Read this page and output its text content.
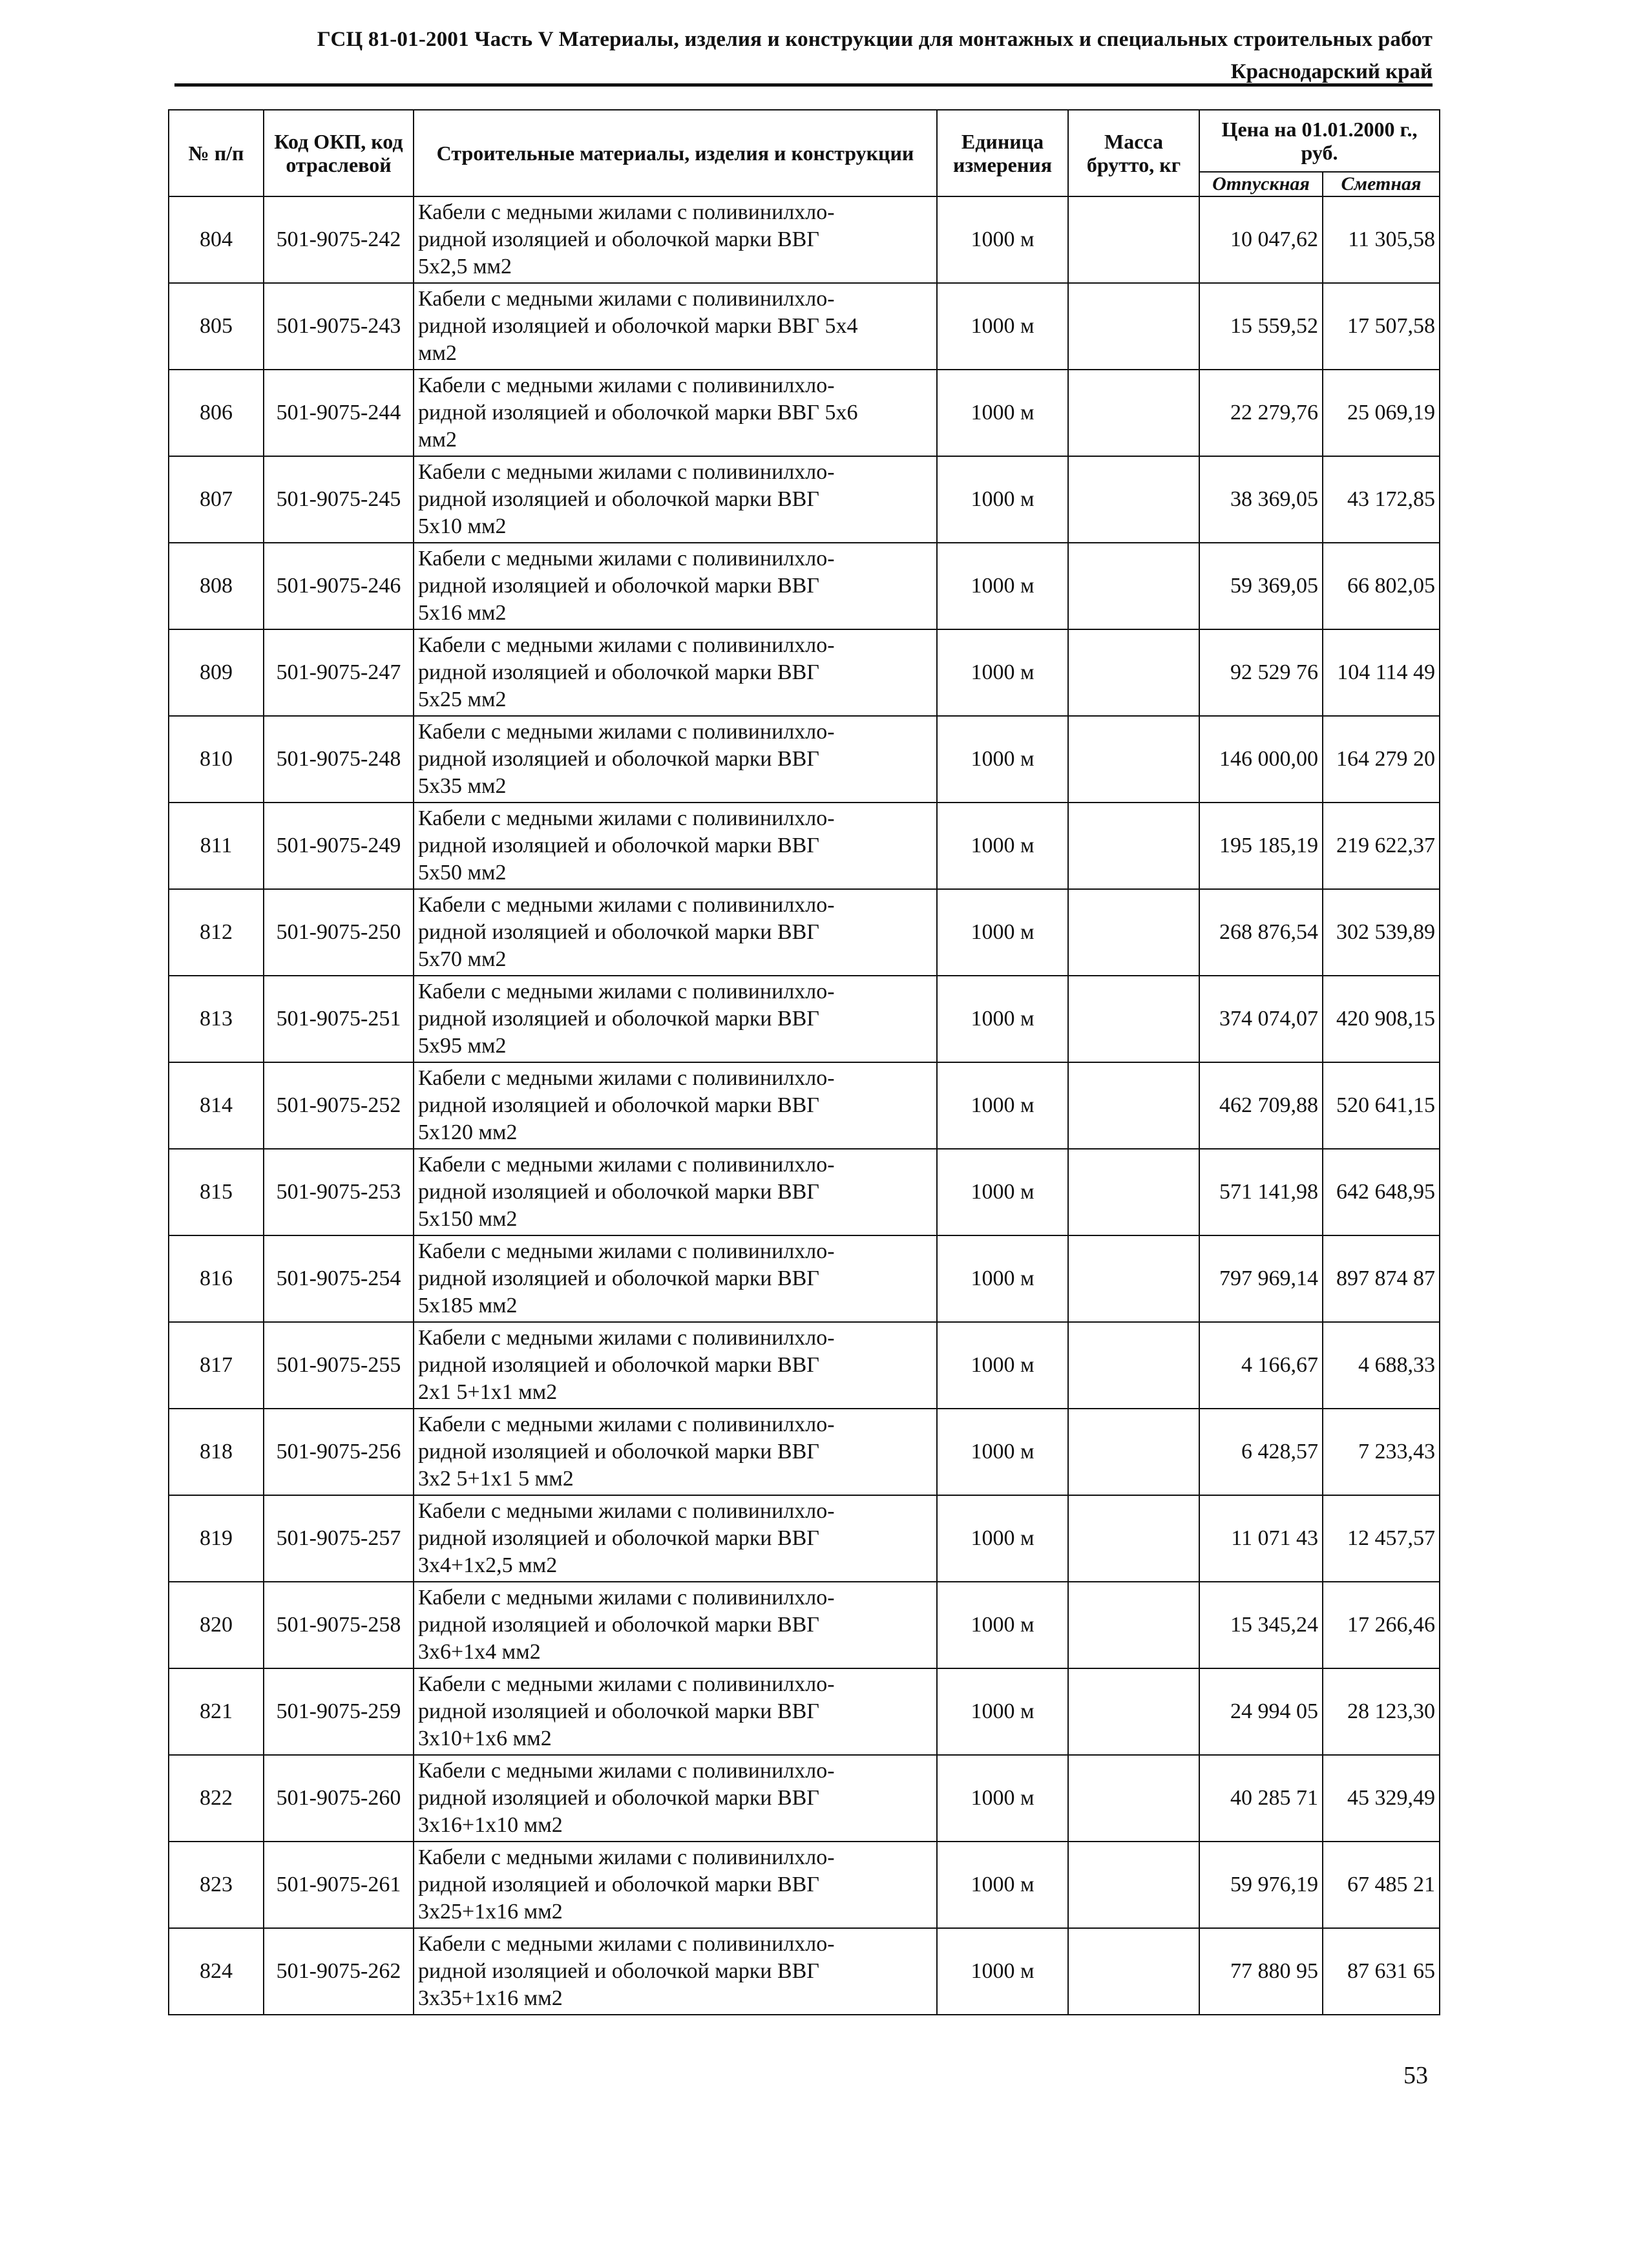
ГСЦ 81-01-2001 Часть V Материалы, изделия и конструкции для монтажных и специальных строительных работ
Краснодарский край
№ п/п	Код ОКП, код отраслевой	Строительные материалы, изделия и конструкции	Единица измерения	Масса брутто, кг	Цена на 01.01.2000 г., руб.	
					Отпускная	Сметная
804	501-9075-242	Кабели с медными жилами с поливинилхло-
ридной изоляцией и оболочкой марки ВВГ
5х2,5 мм2	1000 м		10 047,62	11 305,58
805	501-9075-243	Кабели с медными жилами с поливинилхло-
ридной изоляцией и оболочкой марки ВВГ 5х4
мм2	1000 м		15 559,52	17 507,58
806	501-9075-244	Кабели с медными жилами с поливинилхло-
ридной изоляцией и оболочкой марки ВВГ 5х6
мм2	1000 м		22 279,76	25 069,19
807	501-9075-245	Кабели с медными жилами с поливинилхло-
ридной изоляцией и оболочкой марки ВВГ
5х10 мм2	1000 м		38 369,05	43 172,85
808	501-9075-246	Кабели с медными жилами с поливинилхло-
ридной изоляцией и оболочкой марки ВВГ
5х16 мм2	1000 м		59 369,05	66 802,05
809	501-9075-247	Кабели с медными жилами с поливинилхло-
ридной изоляцией и оболочкой марки ВВГ
5х25 мм2	1000 м		92 529 76	104 114 49
810	501-9075-248	Кабели с медными жилами с поливинилхло-
ридной изоляцией и оболочкой марки ВВГ
5х35 мм2	1000 м		146 000,00	164 279 20
811	501-9075-249	Кабели с медными жилами с поливинилхло-
ридной изоляцией и оболочкой марки ВВГ
5х50 мм2	1000 м		195 185,19	219 622,37
812	501-9075-250	Кабели с медными жилами с поливинилхло-
ридной изоляцией и оболочкой марки ВВГ
5х70 мм2	1000 м		268 876,54	302 539,89
813	501-9075-251	Кабели с медными жилами с поливинилхло-
ридной изоляцией и оболочкой марки ВВГ
5х95 мм2	1000 м		374 074,07	420 908,15
814	501-9075-252	Кабели с медными жилами с поливинилхло-
ридной изоляцией и оболочкой марки ВВГ
5х120 мм2	1000 м		462 709,88	520 641,15
815	501-9075-253	Кабели с медными жилами с поливинилхло-
ридной изоляцией и оболочкой марки ВВГ
5х150 мм2	1000 м		571 141,98	642 648,95
816	501-9075-254	Кабели с медными жилами с поливинилхло-
ридной изоляцией и оболочкой марки ВВГ
5х185 мм2	1000 м		797 969,14	897 874 87
817	501-9075-255	Кабели с медными жилами с поливинилхло-
ридной изоляцией и оболочкой марки ВВГ
2х1 5+1х1 мм2	1000 м		4 166,67	4 688,33
818	501-9075-256	Кабели с медными жилами с поливинилхло-
ридной изоляцией и оболочкой марки ВВГ
3х2 5+1х1 5 мм2	1000 м		6 428,57	7 233,43
819	501-9075-257	Кабели с медными жилами с поливинилхло-
ридной изоляцией и оболочкой марки ВВГ
3х4+1х2,5 мм2	1000 м		11 071 43	12 457,57
820	501-9075-258	Кабели с медными жилами с поливинилхло-
ридной изоляцией и оболочкой марки ВВГ
3х6+1х4 мм2	1000 м		15 345,24	17 266,46
821	501-9075-259	Кабели с медными жилами с поливинилхло-
ридной изоляцией и оболочкой марки ВВГ
3х10+1х6 мм2	1000 м		24 994 05	28 123,30
822	501-9075-260	Кабели с медными жилами с поливинилхло-
ридной изоляцией и оболочкой марки ВВГ
3х16+1х10 мм2	1000 м		40 285 71	45 329,49
823	501-9075-261	Кабели с медными жилами с поливинилхло-
ридной изоляцией и оболочкой марки ВВГ
3х25+1х16 мм2	1000 м		59 976,19	67 485 21
824	501-9075-262	Кабели с медными жилами с поливинилхло-
ридной изоляцией и оболочкой марки ВВГ
3х35+1х16 мм2	1000 м		77 880 95	87 631 65
53
